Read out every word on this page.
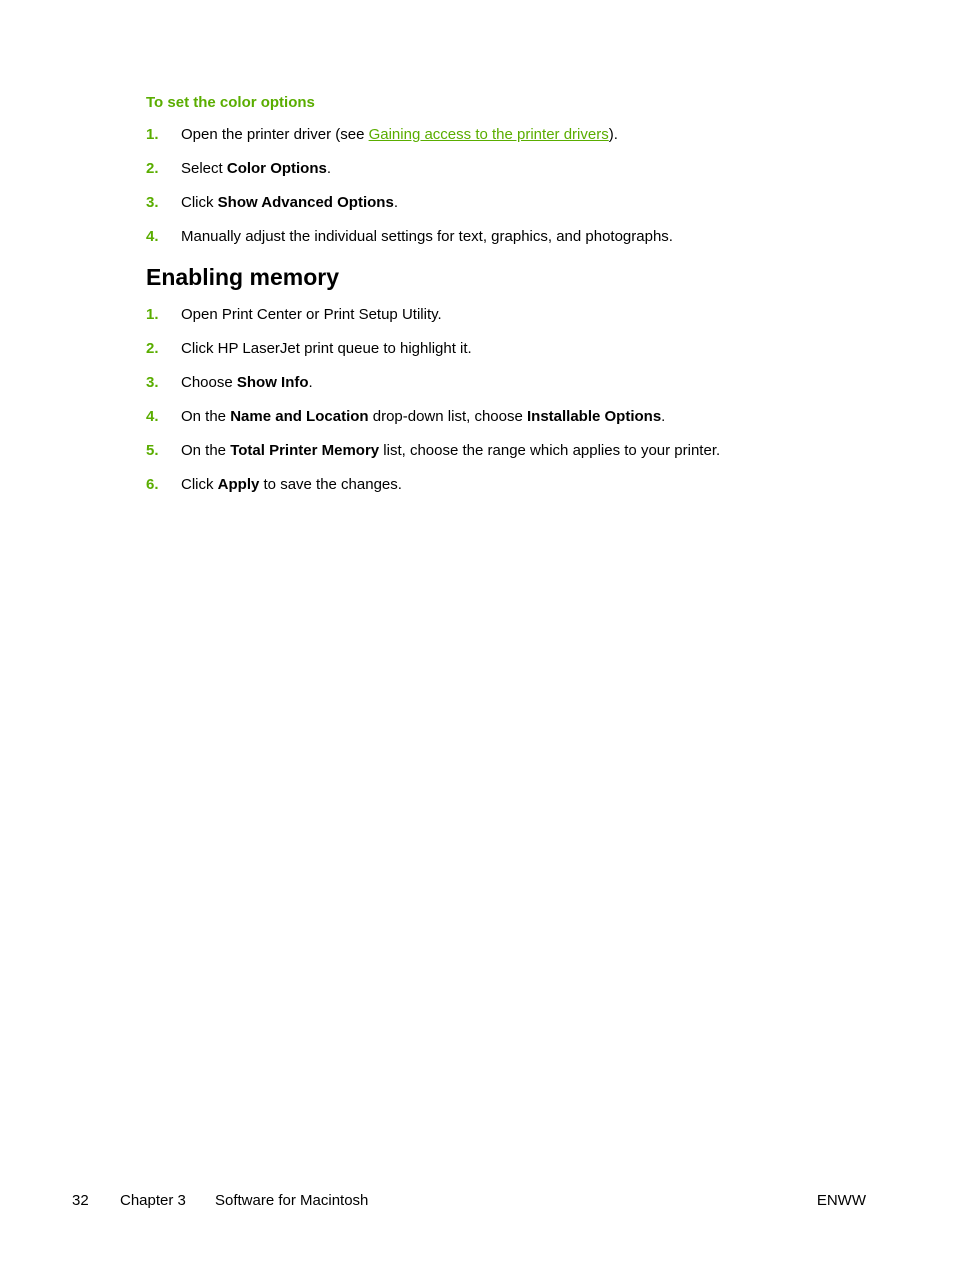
To set the color options
1. Open the printer driver (see Gaining access to the printer drivers).
2. Select Color Options.
3. Click Show Advanced Options.
4. Manually adjust the individual settings for text, graphics, and photographs.
Enabling memory
1. Open Print Center or Print Setup Utility.
2. Click HP LaserJet print queue to highlight it.
3. Choose Show Info.
4. On the Name and Location drop-down list, choose Installable Options.
5. On the Total Printer Memory list, choose the range which applies to your printer.
6. Click Apply to save the changes.
32 Chapter 3 Software for Macintosh	ENWW
